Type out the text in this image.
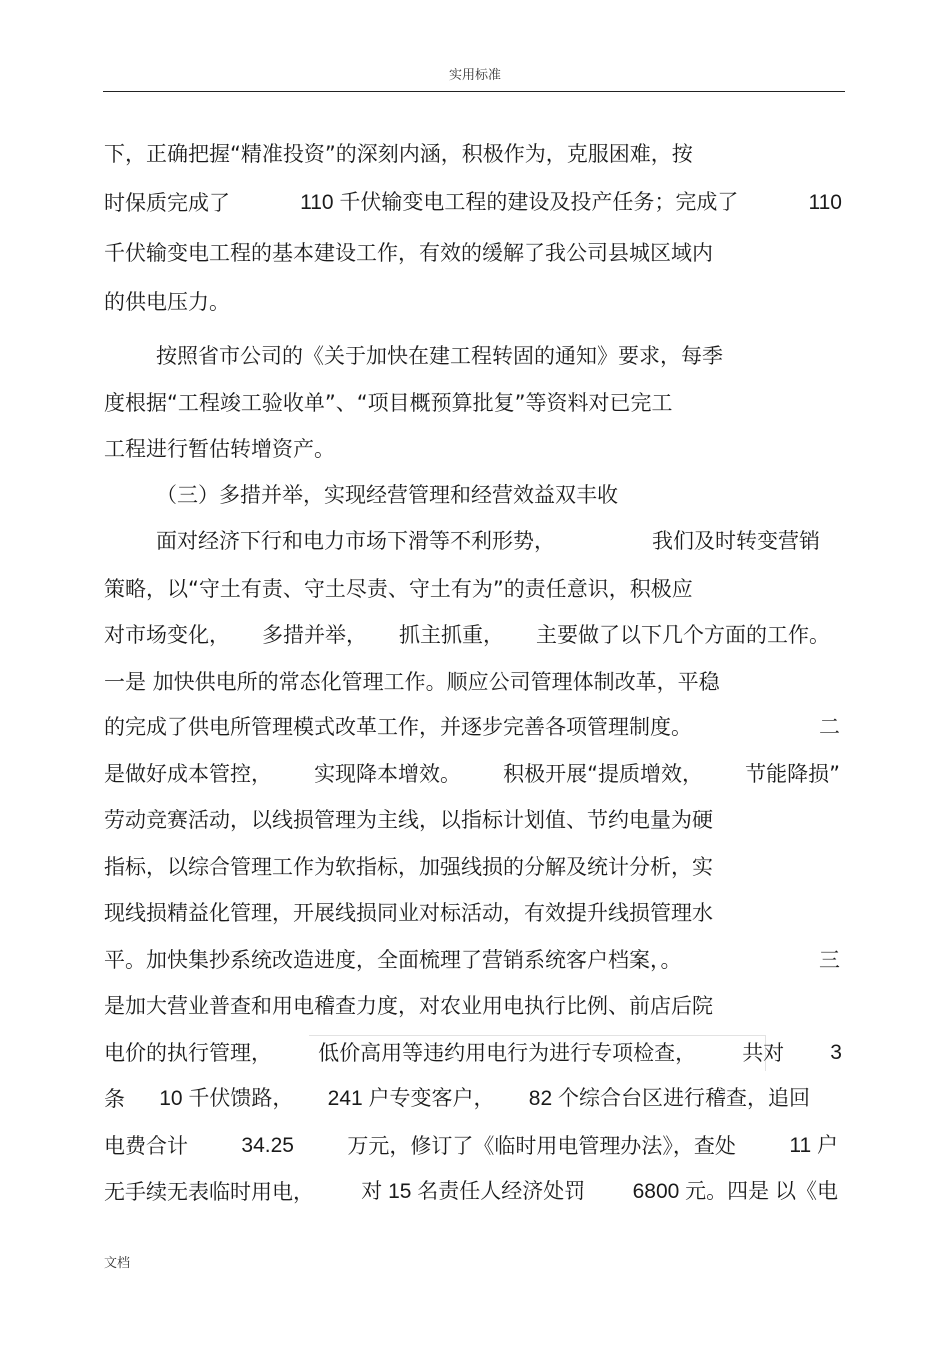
实用标准
下，正确把握“精准投资”的深刻内涵，积极作为，克服困难，按
时保质完成了	110 千伏输变电工程的建设及投产任务；完成了	110
千伏输变电工程的基本建设工作，有效的缓解了我公司县城区域内
的供电压力。
按照省市公司的《关于加快在建工程转固的通知》要求，每季
度根据“工程竣工验收单”、“项目概预算批复”等资料对已完工
工程进行暂估转增资产。
（三）多措并举，实现经营管理和经营效益双丰收
面对经济下行和电力市场下滑等不利形势，	我们及时转变营销
策略，以“守土有责、守土尽责、守土有为”的责任意识，积极应
对市场变化， 多措并举， 抓主抓重， 主要做了以下几个方面的工作。
一是 加快供电所的常态化管理工作。顺应公司管理体制改革，平稳
的完成了供电所管理模式改革工作，并逐步完善各项管理制度。	二
是做好成本管控， 实现降本增效。 积极开展“提质增效， 节能降损”
劳动竞赛活动，以线损管理为主线，以指标计划值、节约电量为硬
指标，以综合管理工作为软指标，加强线损的分解及统计分析，实
现线损精益化管理，开展线损同业对标活动，有效提升线损管理水
平。加快集抄系统改造进度，全面梳理了营销系统客户档案，。	三
是加大营业普查和用电稽查力度，对农业用电执行比例、前店后院
电价的执行管理， 低价高用等违约用电行为进行专项检查， 共对 3
条 10 千伏馈路， 241 户专变客户， 82 个综合台区进行稽查，追回
电费合计	34.25	万元，修订了《临时用电管理办法》，查处	11 户
无手续无表临时用电， 对 15 名责任人经济处罚 6800 元。四是 以《电
文档
